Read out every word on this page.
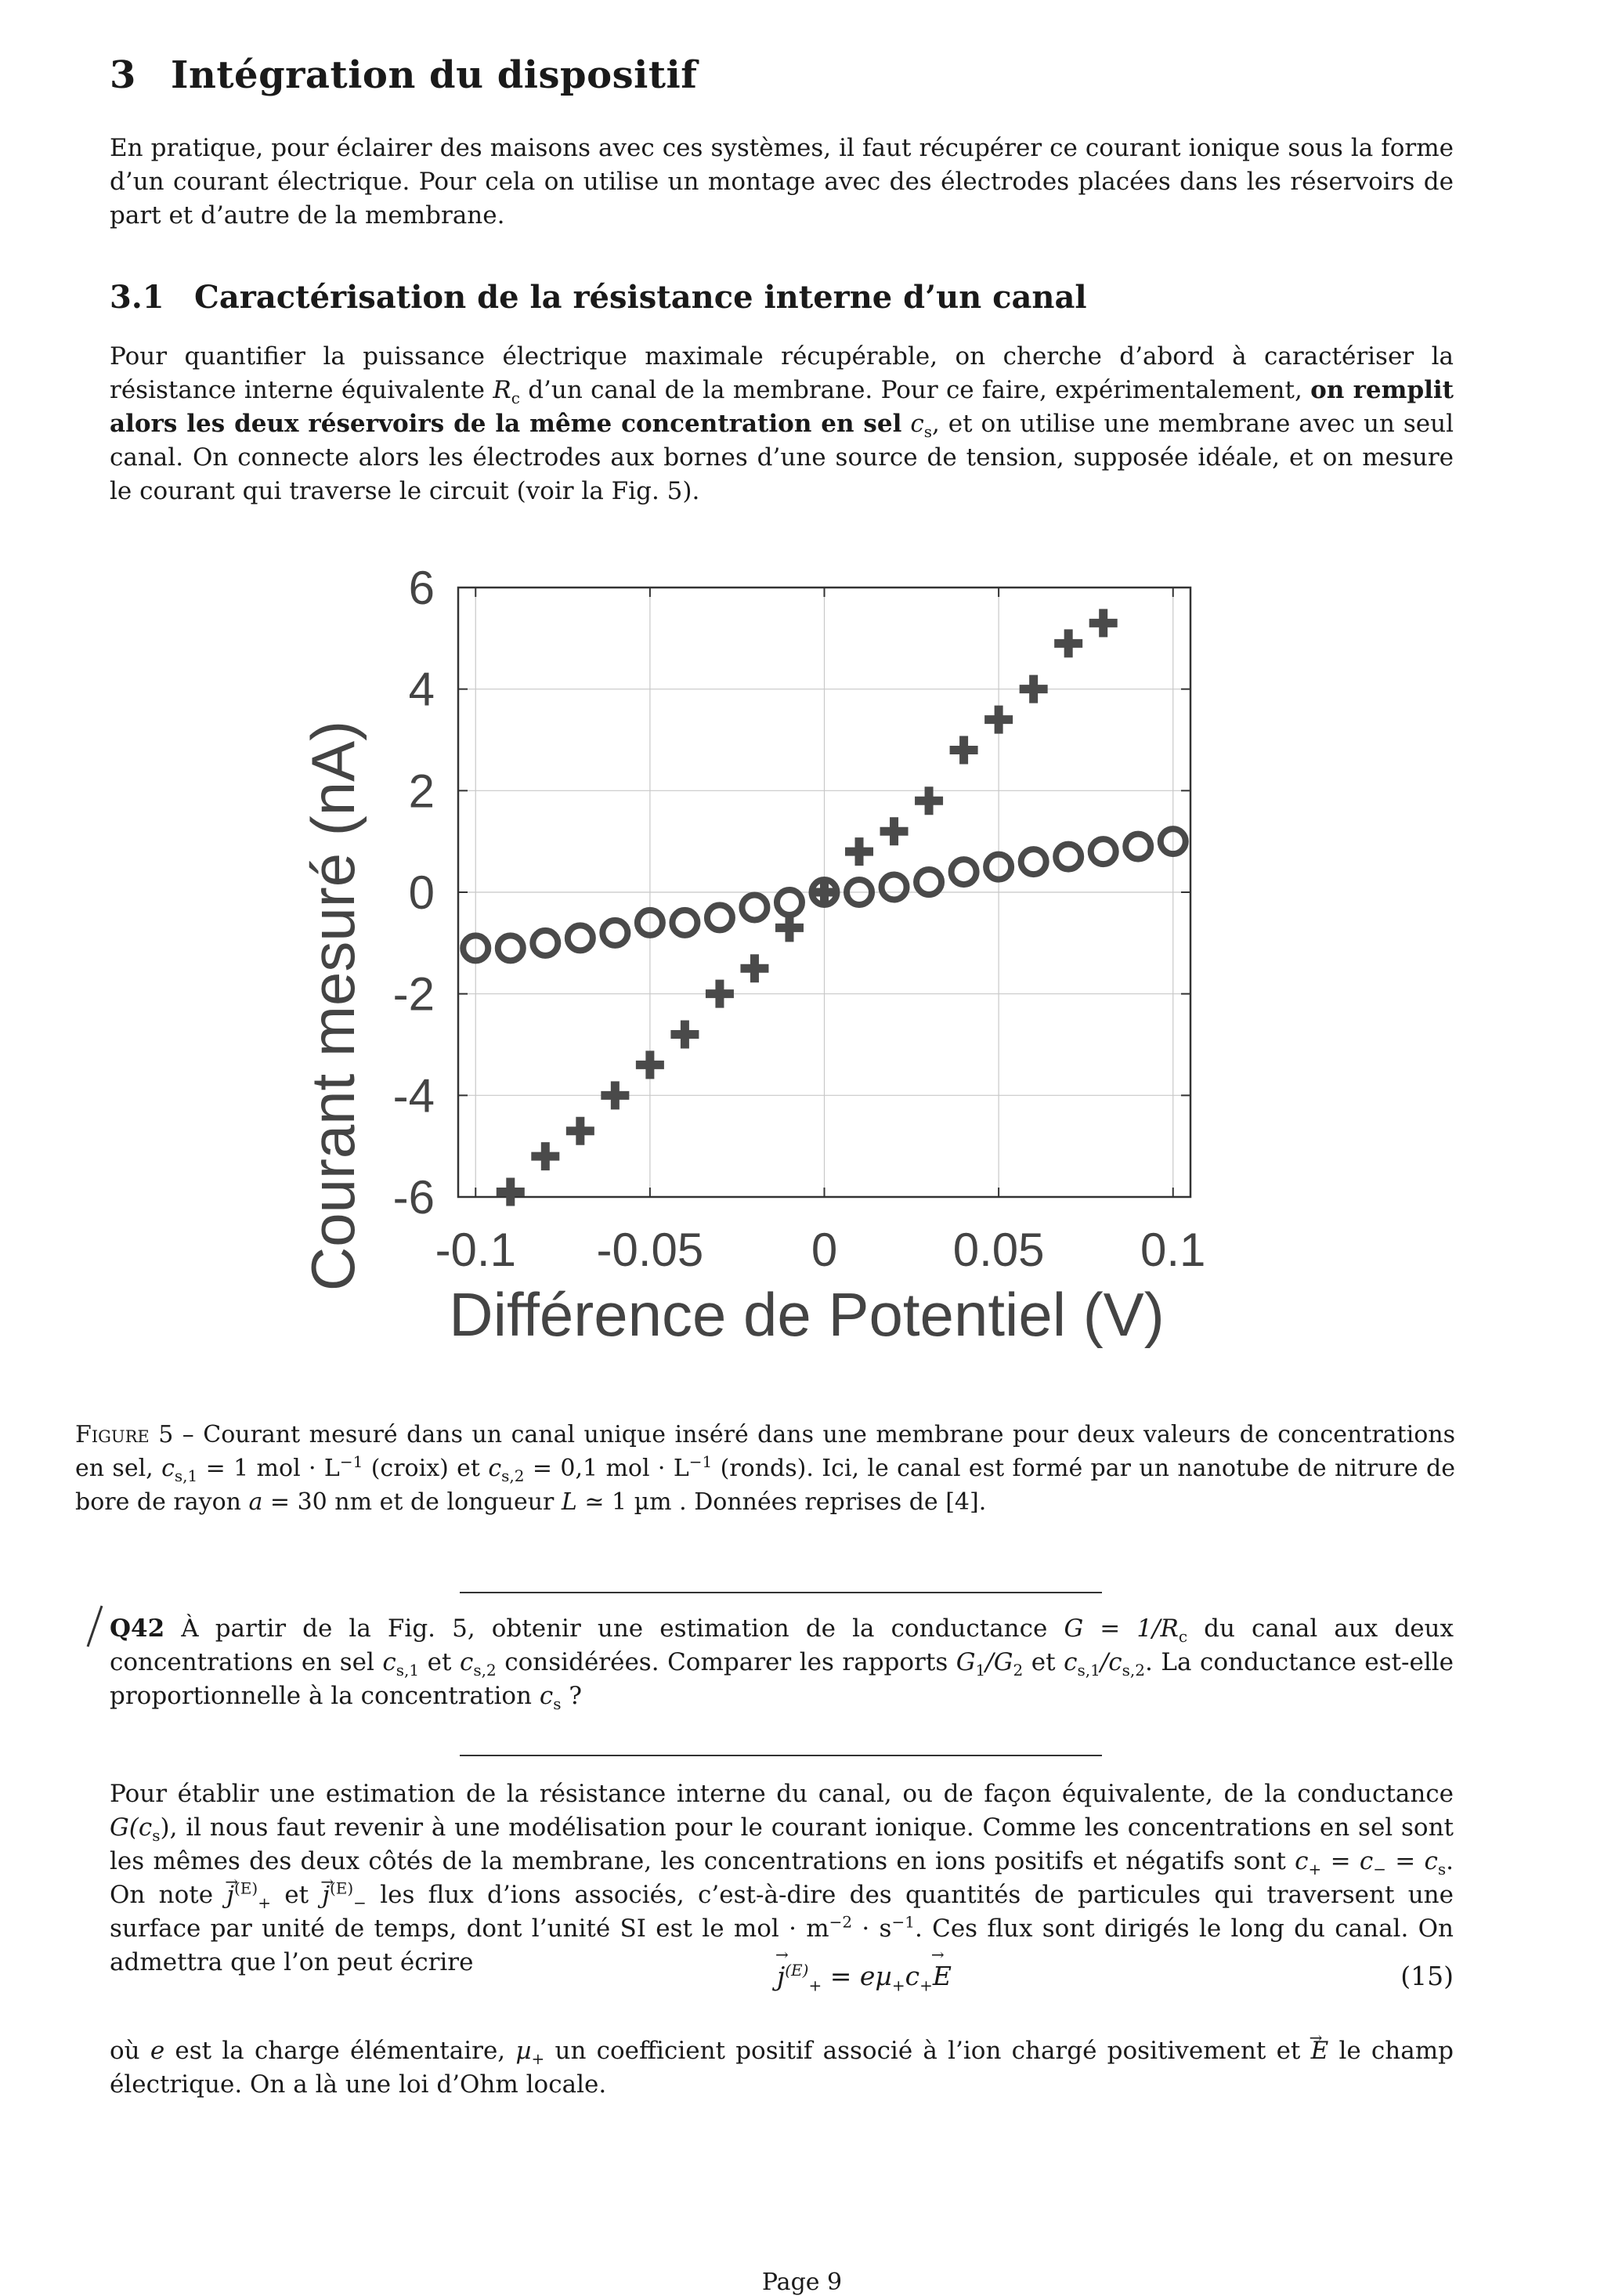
3 Intégration du dispositif

En pratique, pour éclairer des maisons avec ces systèmes, il faut récupérer ce courant ionique sous la forme d’un courant électrique. Pour cela on utilise un montage avec des électrodes placées dans les réservoirs de part et d’autre de la membrane.

3.1 Caractérisation de la résistance interne d’un canal

Pour quantifier la puissance électrique maximale récupérable, on cherche d’abord à caractériser la résistance interne équivalente $R_c$ d’un canal de la membrane. Pour ce faire, expérimentalement, on remplit alors les deux réservoirs de la même concentration en sel $c_s$, et on utilise une membrane avec un seul canal. On connecte alors les électrodes aux bornes d’une source de tension, supposée idéale, et on mesure le courant qui traverse le circuit (voir la Fig. 5).

-0.1 -0.05 0 0.05 0.1
-6
-4
-2
0
2
4
6
Différence de Potentiel (V)
Courant mesuré (nA)

Figure 5 – Courant mesuré dans un canal unique inséré dans une membrane pour deux valeurs de concentrations en sel, $c_{s,1} = 1$ mol · $L^{-1}$ (croix) et $c_{s,2} = 0,1$ mol · $L^{-1}$ (ronds). Ici, le canal est formé par un nanotube de nitrure de bore de rayon a = 30 nm et de longueur L ≃ 1 µm . Données reprises de [4].

Q42 À partir de la Fig. 5, obtenir une estimation de la conductance $G = 1/R_c$ du canal aux deux concentrations en sel $c_{s,1}$ et $c_{s,2}$ considérées. Comparer les rapports $G_1/G_2$ et $c_{s,1}/c_{s,2}$. La conductance est-elle proportionnelle à la concentration $c_s$ ?

Pour établir une estimation de la résistance interne du canal, ou de façon équivalente, de la conductance $G(c_s)$, il nous faut revenir à une modélisation pour le courant ionique. Comme les concentrations en sel sont les mêmes des deux côtés de la membrane, les concentrations en ions positifs et négatifs sont $c_+ = c_- = c_s$. On note → $j^{(E)}_+$ et → $j^{(E)}_-$ les flux d’ions associés, c’est-à-dire des quantités de particules qui traversent une surface par unité de temps, dont l’unité SI est le mol · $m^{-2} \cdot s^{-1}$. Ces flux sont dirigés le long du canal. On admettra que l’on peut écrire

→	$j^{(E)}_+ = e\mu_+c_+\to E$	(15)

où e est la charge élémentaire, µ$_+$ un coefficient positif associé à l’ion chargé positivement et → E le champ électrique. On a là une loi d’Ohm locale.

Page 9
